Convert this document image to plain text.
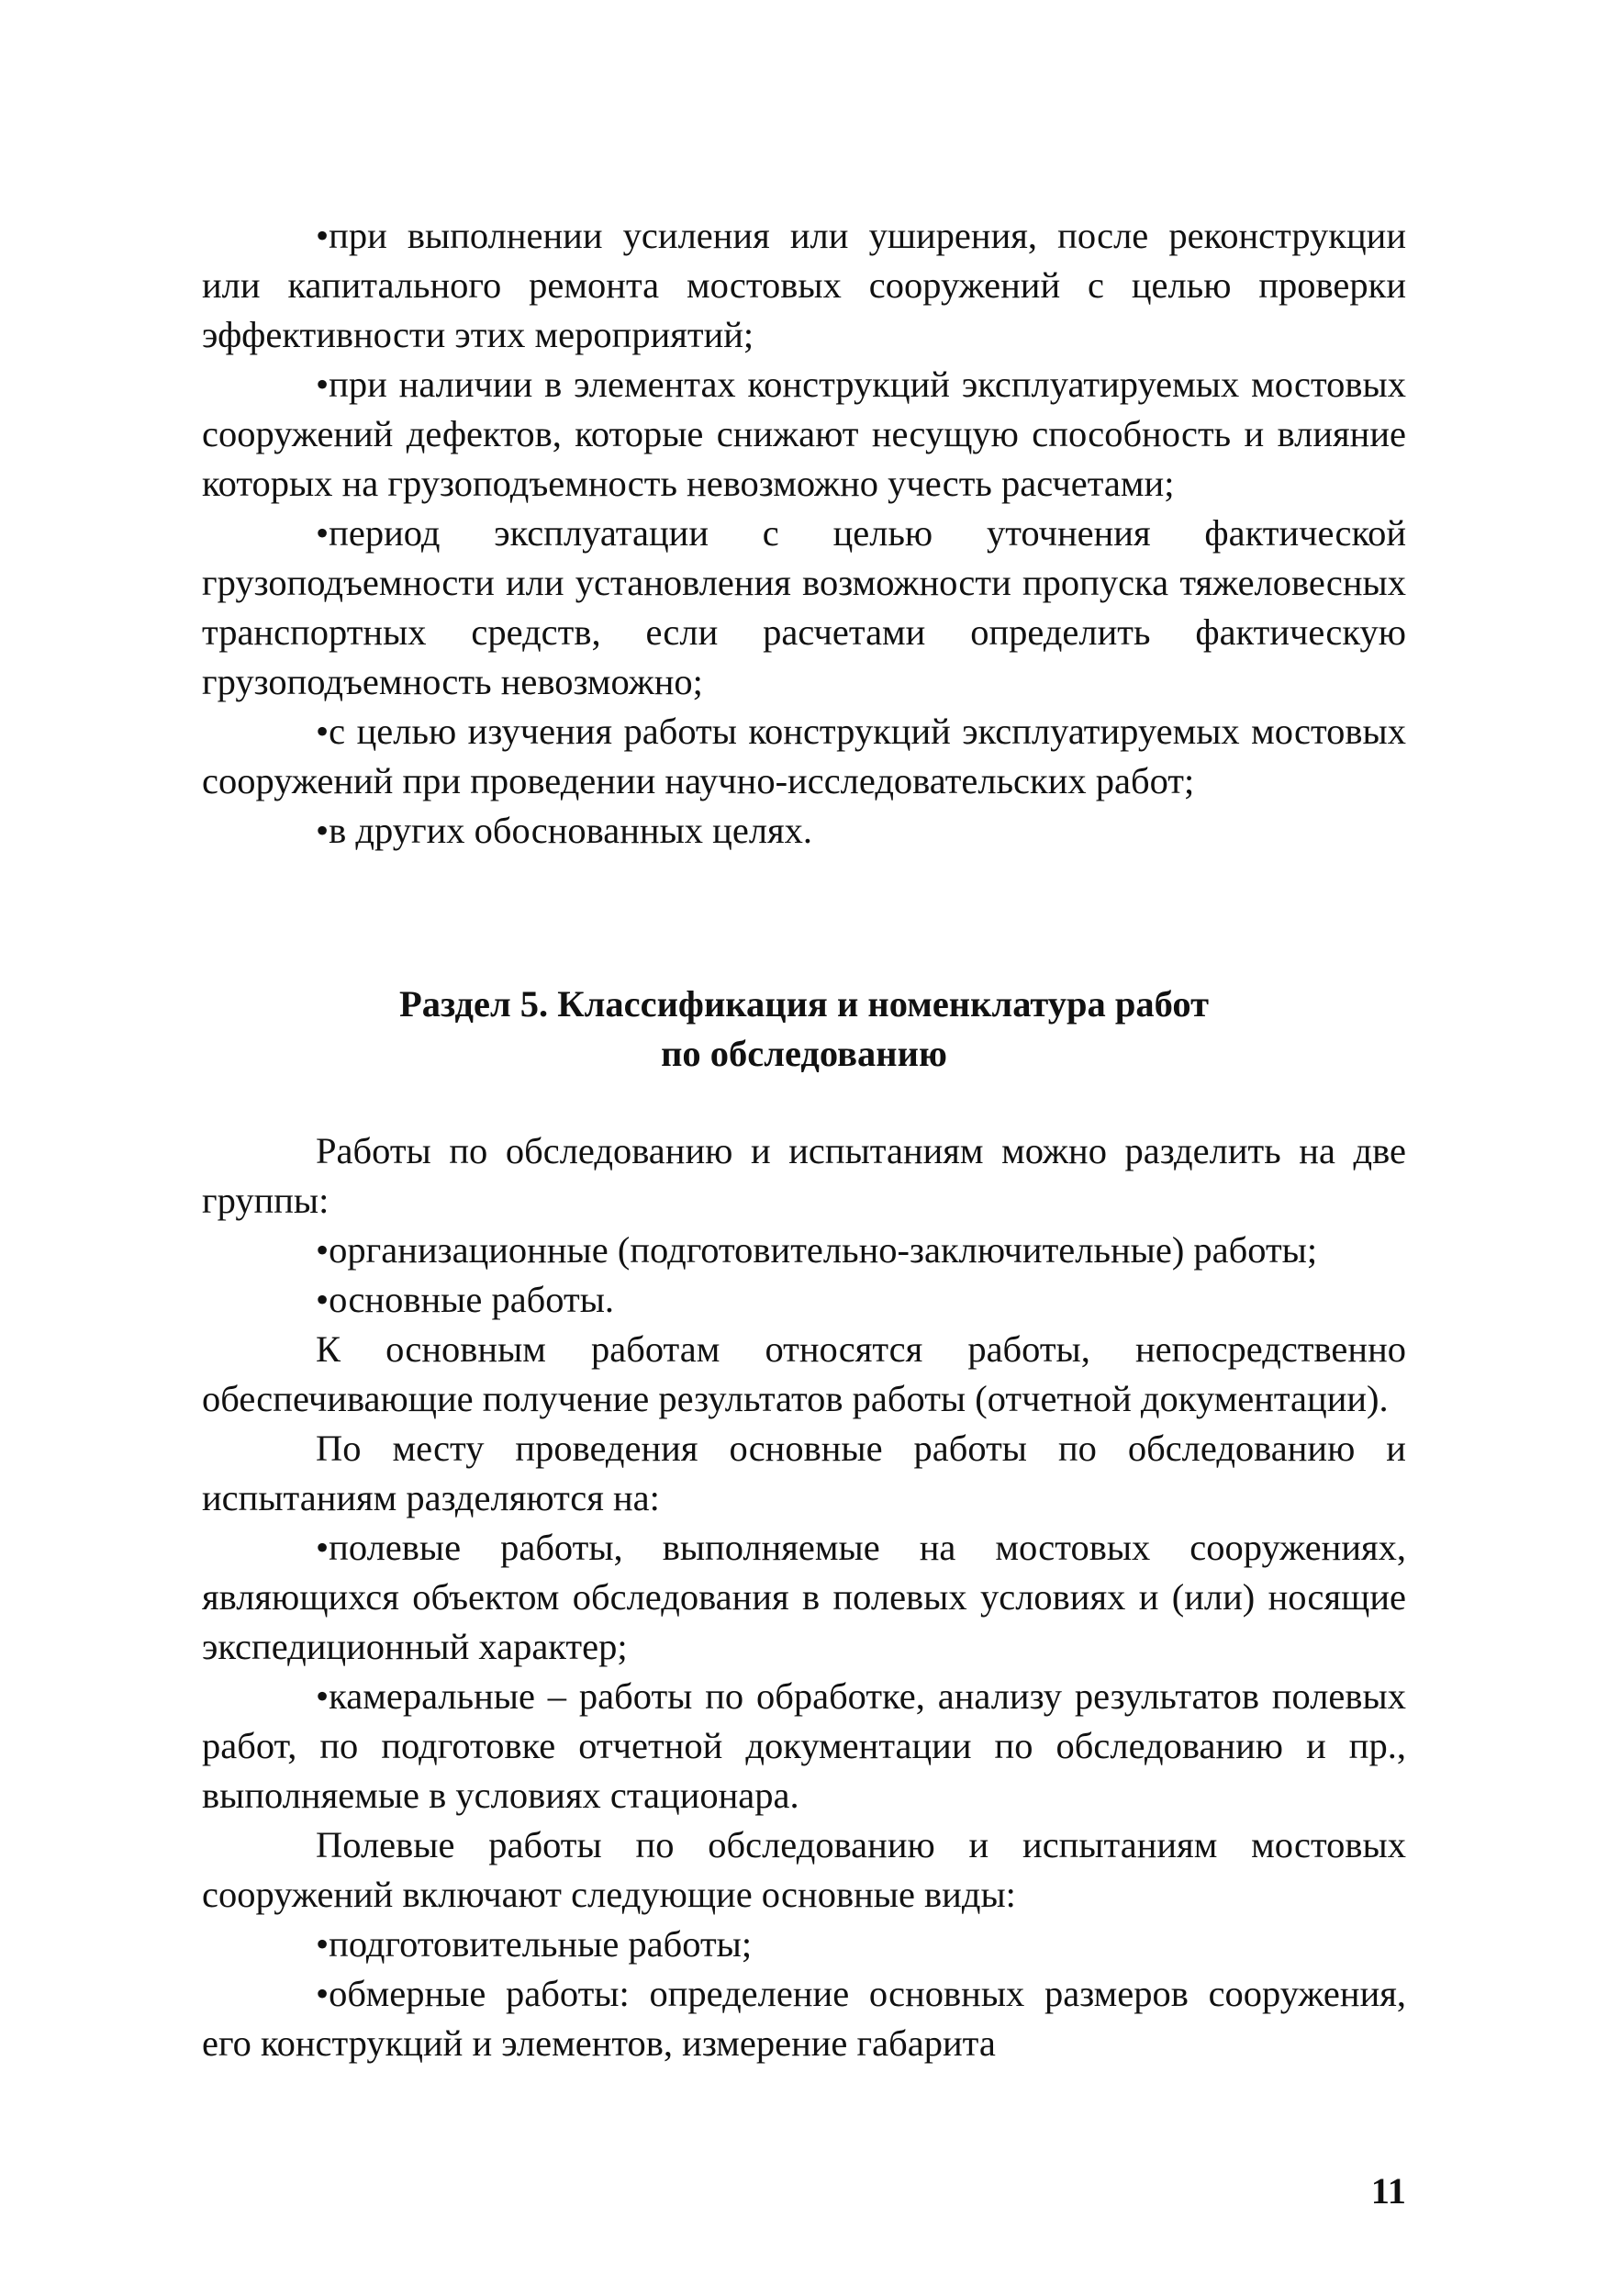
•при выполнении усиления или уширения, после реконструкции или капитального ремонта мостовых сооружений с целью проверки эффективности этих мероприятий;

•при наличии в элементах конструкций эксплуатируемых мостовых сооружений дефектов, которые снижают несущую способность и влияние которых на грузоподъемность невозможно учесть расчетами;

•период эксплуатации с целью уточнения фактической грузоподъемности или установления возможности пропуска тяжеловесных транспортных средств, если расчетами определить фактическую грузоподъемность невозможно;

•с целью изучения работы конструкций эксплуатируемых мостовых сооружений при проведении научно-исследовательских работ;

•в других обоснованных целях.

Раздел 5. Классификация и номенклатура работ
по обследованию

Работы по обследованию и испытаниям можно разделить на две группы:

•организационные (подготовительно-заключительные) работы;

•основные работы.

К основным работам относятся работы, непосредственно обеспечивающие получение результатов работы (отчетной документации).

По месту проведения основные работы по обследованию и испытаниям разделяются на:

•полевые работы, выполняемые на мостовых сооружениях, являющихся объектом обследования в полевых условиях и (или) носящие экспедиционный характер;

•камеральные – работы по обработке, анализу результатов полевых работ, по подготовке отчетной документации по обследованию и пр., выполняемые в условиях стационара.

Полевые работы по обследованию и испытаниям мостовых сооружений включают следующие основные виды:

•подготовительные работы;

•обмерные работы: определение основных размеров сооружения, его конструкций и элементов, измерение габарита

11
